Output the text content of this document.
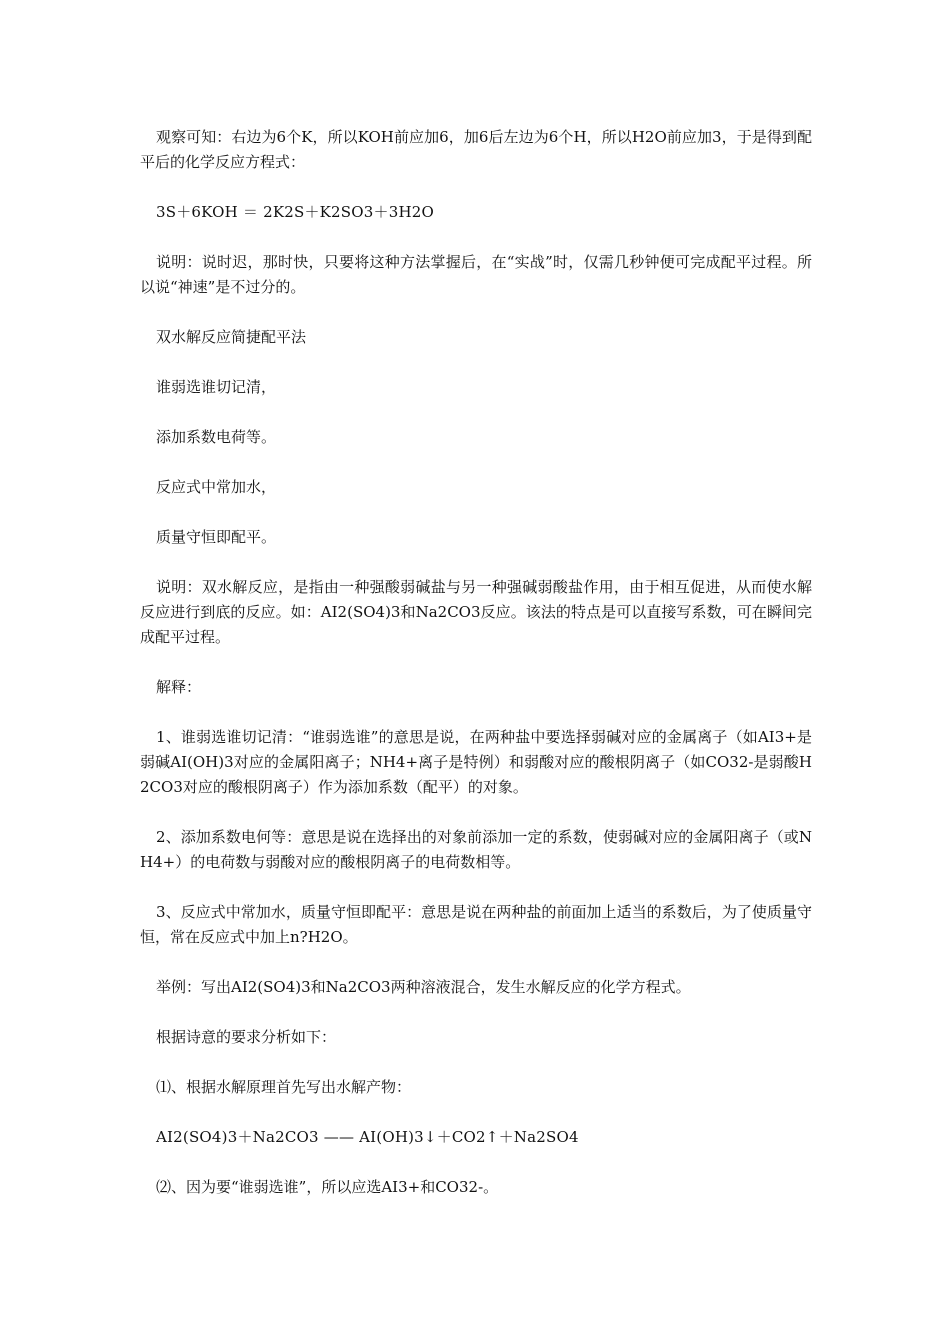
观察可知：右边为6个K，所以KOH前应加6，加6后左边为6个H，所以H2O前应加3，于是得到配平后的化学反应方程式：

3S＋6KOH ＝ 2K2S＋K2SO3＋3H2O

说明：说时迟，那时快，只要将这种方法掌握后，在“实战”时，仅需几秒钟便可完成配平过程。所以说“神速”是不过分的。

双水解反应简捷配平法

谁弱选谁切记清，

添加系数电荷等。

反应式中常加水，

质量守恒即配平。

说明：双水解反应，是指由一种强酸弱碱盐与另一种强碱弱酸盐作用，由于相互促进，从而使水解反应进行到底的反应。如：AI2(SO4)3和Na2CO3反应。该法的特点是可以直接写系数，可在瞬间完成配平过程。

解释：

1、谁弱选谁切记清：“谁弱选谁”的意思是说，在两种盐中要选择弱碱对应的金属离子（如AI3+是弱碱AI(OH)3对应的金属阳离子；NH4+离子是特例）和弱酸对应的酸根阴离子（如CO32-是弱酸H2CO3对应的酸根阴离子）作为添加系数（配平）的对象。

2、添加系数电何等：意思是说在选择出的对象前添加一定的系数，使弱碱对应的金属阳离子（或NH4+）的电荷数与弱酸对应的酸根阴离子的电荷数相等。

3、反应式中常加水，质量守恒即配平：意思是说在两种盐的前面加上适当的系数后，为了使质量守恒，常在反应式中加上n?H2O。

举例：写出AI2(SO4)3和Na2CO3两种溶液混合，发生水解反应的化学方程式。

根据诗意的要求分析如下：

⑴、根据水解原理首先写出水解产物：

AI2(SO4)3＋Na2CO3 —— AI(OH)3↓＋CO2↑＋Na2SO4

⑵、因为要“谁弱选谁”，所以应选AI3+和CO32-。
